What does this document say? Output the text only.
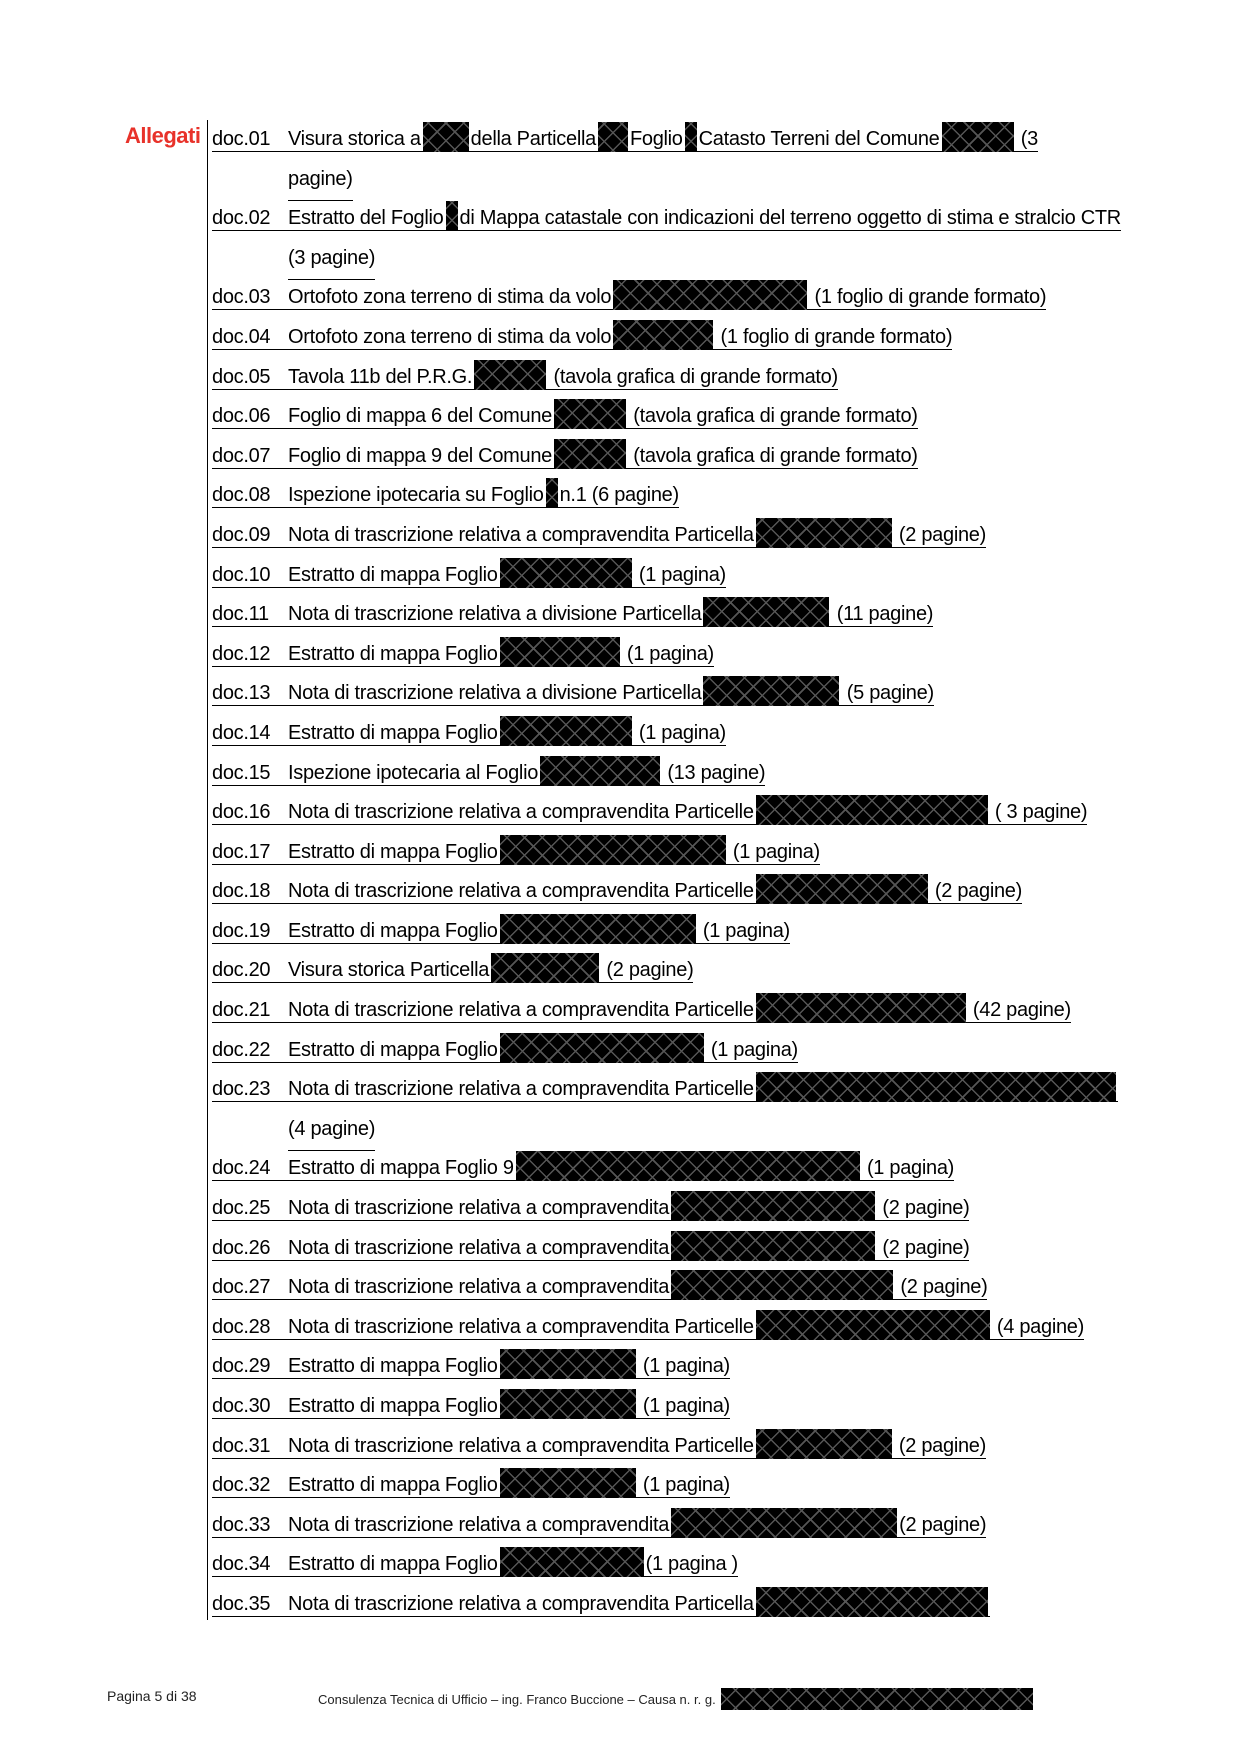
Allegati doc.01 Visura storica a	della Particella Foglio Catasto Terreni del Comune	(3
pagine)
doc.02 Estratto del Foglio di Mappa catastale con indicazioni del terreno oggetto di stima e stralcio CTR
(3 pagine)
doc.03 Ortofoto zona terreno di stima da volo	(1 foglio di grande formato)
doc.04 Ortofoto zona terreno di stima da volo	(1 foglio di grande formato)
doc.05 Tavola 11b del P.R.G.	(tavola grafica di grande formato)
doc.06 Foglio di mappa 6 del Comune	(tavola grafica di grande formato)
doc.07 Foglio di mappa 9 del Comune	(tavola grafica di grande formato)
doc.08 Ispezione ipotecaria su Foglio n.1 (6 pagine)
doc.09 Nota di trascrizione relativa a compravendita Particella	(2 pagine)
doc.10 Estratto di mappa Foglio	(1 pagina)
doc.11 Nota di trascrizione relativa a divisione Particella	(11 pagine)
doc.12 Estratto di mappa Foglio	(1 pagina)
doc.13 Nota di trascrizione relativa a divisione Particella	(5 pagine)
doc.14 Estratto di mappa Foglio	(1 pagina)
doc.15 Ispezione ipotecaria al Foglio	(13 pagine)
doc.16 Nota di trascrizione relativa a compravendita Particelle	( 3 pagine)
doc.17 Estratto di mappa Foglio	(1 pagina)
doc.18 Nota di trascrizione relativa a compravendita Particelle	(2 pagine)
doc.19 Estratto di mappa Foglio	(1 pagina)
doc.20 Visura storica Particella	(2 pagine)
doc.21 Nota di trascrizione relativa a compravendita Particelle	(42 pagine)
doc.22 Estratto di mappa Foglio	(1 pagina)
doc.23 Nota di trascrizione relativa a compravendita Particelle
(4 pagine)
doc.24 Estratto di mappa Foglio 9	(1 pagina)
doc.25 Nota di trascrizione relativa a compravendita	(2 pagine)
doc.26 Nota di trascrizione relativa a compravendita	(2 pagine)
doc.27 Nota di trascrizione relativa a compravendita	(2 pagine)
doc.28 Nota di trascrizione relativa a compravendita Particelle	(4 pagine)
doc.29 Estratto di mappa Foglio	(1 pagina)
doc.30 Estratto di mappa Foglio	(1 pagina)
doc.31 Nota di trascrizione relativa a compravendita Particelle	(2 pagine)
doc.32 Estratto di mappa Foglio	(1 pagina)
doc.33 Nota di trascrizione relativa a compravendita	(2 pagine)
doc.34 Estratto di mappa Foglio	(1 pagina )
doc.35 Nota di trascrizione relativa a compravendita Particella
Pagina 5 di 38	Consulenza Tecnica di Ufficio – ing. Franco Buccione – Causa n. r. g.
